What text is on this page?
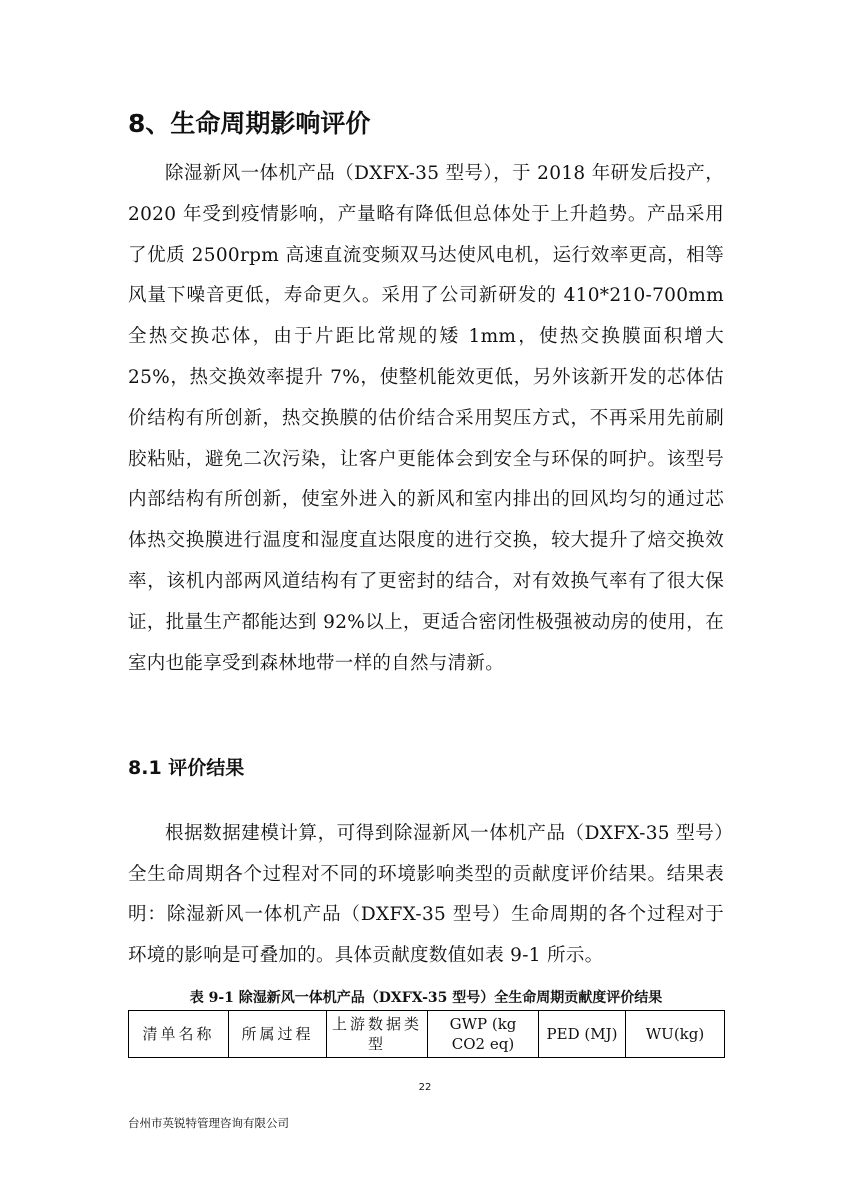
8、生命周期影响评价

除湿新风一体机产品（DXFX-35 型号），于 2018 年研发后投产，2020 年受到疫情影响，产量略有降低但总体处于上升趋势。产品采用了优质 2500rpm 高速直流变频双马达使风电机，运行效率更高，相等风量下噪音更低，寿命更久。采用了公司新研发的 410*210-700mm 全热交换芯体，由于片距比常规的矮 1mm，使热交换膜面积增大 25%，热交换效率提升 7%，使整机能效更低，另外该新开发的芯体估价结构有所创新，热交换膜的估价结合采用契压方式，不再采用先前刷胶粘贴，避免二次污染，让客户更能体会到安全与环保的呵护。该型号内部结构有所创新，使室外进入的新风和室内排出的回风均匀的通过芯体热交换膜进行温度和湿度直达限度的进行交换，较大提升了焙交换效率，该机内部两风道结构有了更密封的结合，对有效换气率有了很大保证，批量生产都能达到 92%以上，更适合密闭性极强被动房的使用，在室内也能享受到森林地带一样的自然与清新。

8.1 评价结果

根据数据建模计算，可得到除湿新风一体机产品（DXFX-35 型号）全生命周期各个过程对不同的环境影响类型的贡献度评价结果。结果表明：除湿新风一体机产品（DXFX-35 型号）生命周期的各个过程对于环境的影响是可叠加的。具体贡献度数值如表 9-1 所示。

表 9-1 除湿新风一体机产品（DXFX-35 型号）全生命周期贡献度评价结果
清单名称	所属过程	上游数据类型	GWP (kg CO2 eq)	PED (MJ)	WU(kg)
22
台州市英锐特管理咨询有限公司
